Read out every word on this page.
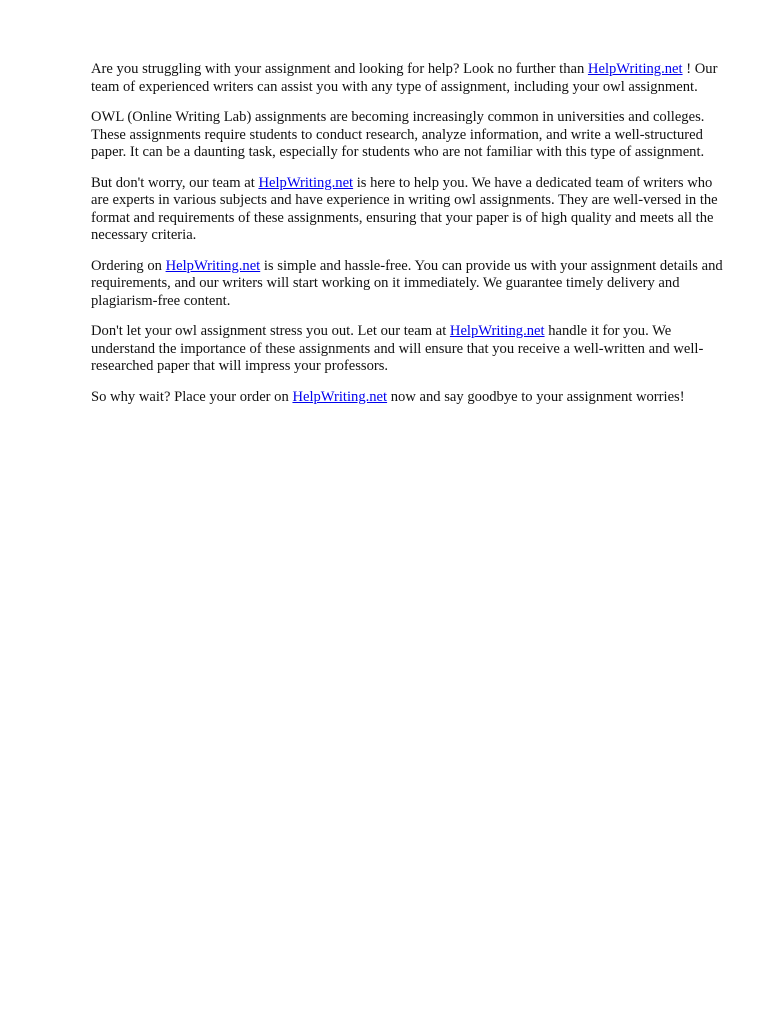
Are you struggling with your assignment and looking for help? Look no further than HelpWriting.net ! Our team of experienced writers can assist you with any type of assignment, including your owl assignment.

OWL (Online Writing Lab) assignments are becoming increasingly common in universities and colleges. These assignments require students to conduct research, analyze information, and write a well-structured paper. It can be a daunting task, especially for students who are not familiar with this type of assignment.

But don't worry, our team at HelpWriting.net is here to help you. We have a dedicated team of writers who are experts in various subjects and have experience in writing owl assignments. They are well-versed in the format and requirements of these assignments, ensuring that your paper is of high quality and meets all the necessary criteria.

Ordering on HelpWriting.net is simple and hassle-free. You can provide us with your assignment details and requirements, and our writers will start working on it immediately. We guarantee timely delivery and plagiarism-free content.

Don't let your owl assignment stress you out. Let our team at HelpWriting.net handle it for you. We understand the importance of these assignments and will ensure that you receive a well-written and well-researched paper that will impress your professors.

So why wait? Place your order on HelpWriting.net now and say goodbye to your assignment worries!
